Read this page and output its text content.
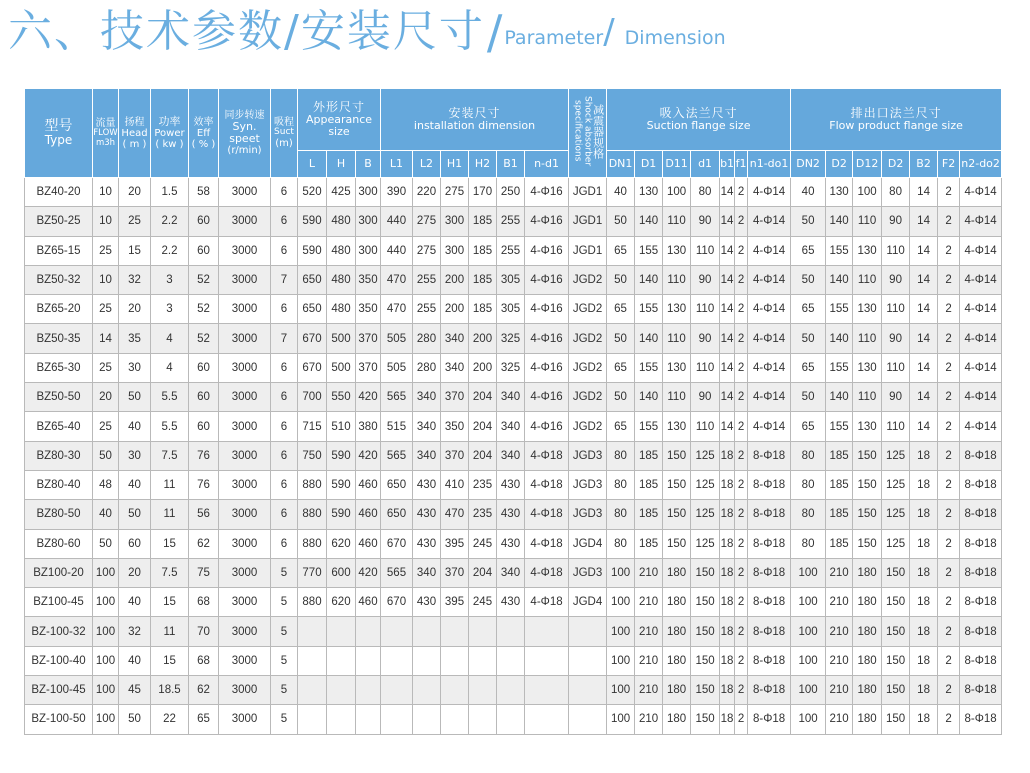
六、技术参数/安装尺寸 / Parameter / Dimension
型号
Type	流量
FLOW
m3h	扬程
Head
( m )	功率
Power
( kw )	效率
Eff
( % )	同步转速
Syn.
speet
(r/min)	吸程
Suct
(m)	外形尺寸
Appearance size			安装尺寸
installation dimension						减震器规格
Shock absorber
specifications	吸入法兰尺寸
Suction flange size							排出口法兰尺寸
Flow product flange size						

							L	H	B	L1	L2	H1	H2	B1	n-d1		DN1	D1	D11	d1	b1	f1	n1-do1	DN2	D2	D12	D2	B2	F2	n2-do2
BZ40-20	10	20	1.5	58	3000	6	520	425	300	390	220	275	170	250	4-Φ16	JGD1	40	130	100	80	14	2	4-Φ14	40	130	100	80	14	2	4-Φ14
BZ50-25	10	25	2.2	60	3000	6	590	480	300	440	275	300	185	255	4-Φ16	JGD1	50	140	110	90	14	2	4-Φ14	50	140	110	90	14	2	4-Φ14
BZ65-15	25	15	2.2	60	3000	6	590	480	300	440	275	300	185	255	4-Φ16	JGD1	65	155	130	110	14	2	4-Φ14	65	155	130	110	14	2	4-Φ14
BZ50-32	10	32	3	52	3000	7	650	480	350	470	255	200	185	305	4-Φ16	JGD2	50	140	110	90	14	2	4-Φ14	50	140	110	90	14	2	4-Φ14
BZ65-20	25	20	3	52	3000	6	650	480	350	470	255	200	185	305	4-Φ16	JGD2	65	155	130	110	14	2	4-Φ14	65	155	130	110	14	2	4-Φ14
BZ50-35	14	35	4	52	3000	7	670	500	370	505	280	340	200	325	4-Φ16	JGD2	50	140	110	90	14	2	4-Φ14	50	140	110	90	14	2	4-Φ14
BZ65-30	25	30	4	60	3000	6	670	500	370	505	280	340	200	325	4-Φ16	JGD2	65	155	130	110	14	2	4-Φ14	65	155	130	110	14	2	4-Φ14
BZ50-50	20	50	5.5	60	3000	6	700	550	420	565	340	370	204	340	4-Φ16	JGD2	50	140	110	90	14	2	4-Φ14	50	140	110	90	14	2	4-Φ14
BZ65-40	25	40	5.5	60	3000	6	715	510	380	515	340	350	204	340	4-Φ16	JGD2	65	155	130	110	14	2	4-Φ14	65	155	130	110	14	2	4-Φ14
BZ80-30	50	30	7.5	76	3000	6	750	590	420	565	340	370	204	340	4-Φ18	JGD3	80	185	150	125	18	2	8-Φ18	80	185	150	125	18	2	8-Φ18
BZ80-40	48	40	11	76	3000	6	880	590	460	650	430	410	235	430	4-Φ18	JGD3	80	185	150	125	18	2	8-Φ18	80	185	150	125	18	2	8-Φ18
BZ80-50	40	50	11	56	3000	6	880	590	460	650	430	470	235	430	4-Φ18	JGD3	80	185	150	125	18	2	8-Φ18	80	185	150	125	18	2	8-Φ18
BZ80-60	50	60	15	62	3000	6	880	620	460	670	430	395	245	430	4-Φ18	JGD4	80	185	150	125	18	2	8-Φ18	80	185	150	125	18	2	8-Φ18
BZ100-20	100	20	7.5	75	3000	5	770	600	420	565	340	370	204	340	4-Φ18	JGD3	100	210	180	150	18	2	8-Φ18	100	210	180	150	18	2	8-Φ18
BZ100-45	100	40	15	68	3000	5	880	620	460	670	430	395	245	430	4-Φ18	JGD4	100	210	180	150	18	2	8-Φ18	100	210	180	150	18	2	8-Φ18
BZ-100-32	100	32	11	70	3000	5											100	210	180	150	18	2	8-Φ18	100	210	180	150	18	2	8-Φ18
BZ-100-40	100	40	15	68	3000	5											100	210	180	150	18	2	8-Φ18	100	210	180	150	18	2	8-Φ18
BZ-100-45	100	45	18.5	62	3000	5											100	210	180	150	18	2	8-Φ18	100	210	180	150	18	2	8-Φ18
BZ-100-50	100	50	22	65	3000	5											100	210	180	150	18	2	8-Φ18	100	210	180	150	18	2	8-Φ18
